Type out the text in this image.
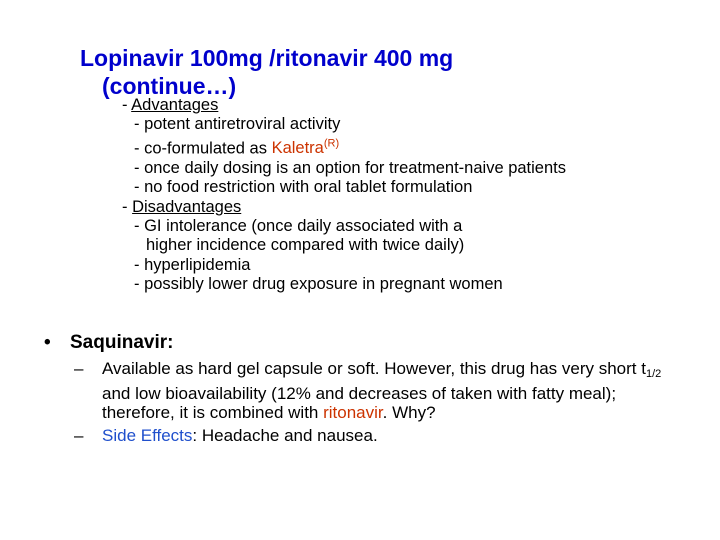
Lopinavir 100mg /ritonavir 400 mg
(continue…)
- Advantages
- potent antiretroviral activity
- co-formulated as Kaletra$^{(R)}$
- once daily dosing is an option for treatment-naive patients
- no food restriction with oral tablet formulation
- Disadvantages
- GI intolerance (once daily associated with a
higher incidence compared with twice daily)
- hyperlipidemia
- possibly lower drug exposure in pregnant women
• Saquinavir:
– Available as hard gel capsule or soft. However, this drug has very short $t_{1/2}$ and low bioavailability (12% and decreases of taken with fatty meal); therefore, it is combined with ritonavir. Why?
– Side Effects: Headache and nausea.
